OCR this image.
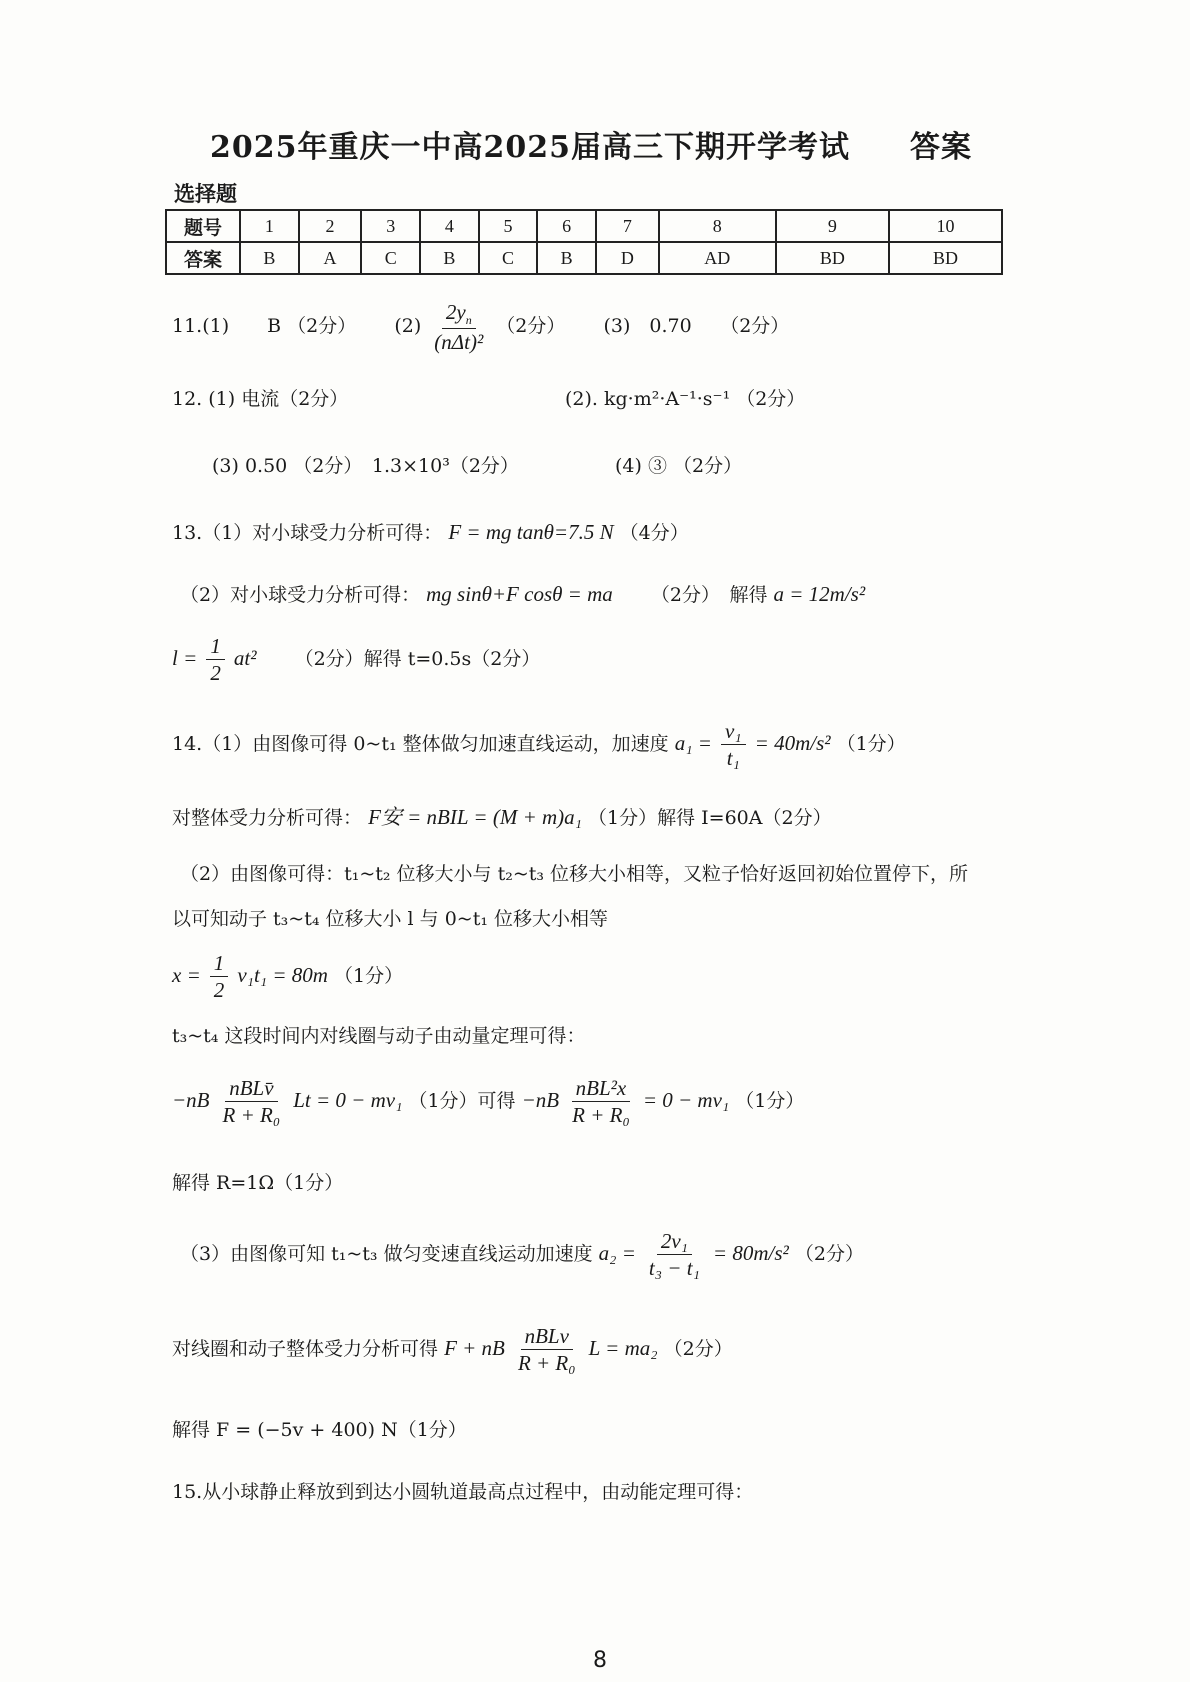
2025年重庆一中高2025届高三下期开学考试 答案
选择题
题号	1	2	3	4	5	6	7	8	9	10
答案	B	A	C	B	C	B	D	AD	BD	BD
11.(1)　　B （2分） $(2) \frac{2y_n}{\text{(nΔt)²}} (2$分） (3)　0.70　　（2分）
12. (1) 电流（2分）	(2). kg·m²·A⁻¹·s⁻¹ （2分）
(3) 0.50 （2分）　1.3×10³（2分）	(4) ③ （2分）
13.（1）对小球受力分析可得： F = mg tanθ=7.5 N （4分）
（2）对小球受力分析可得： mg sinθ+F cosθ = ma （2分）　解得 a = 12m/s²
$l = \frac{1}{2} at^2$ （2分）解得 t=0.5s（2分）
14.（1）由图像可得 0~t₁ 整体做匀加速直线运动，加速度 $a_1 = \frac{\text{v₁}}{\text{t₁}} = 40m/s^2$ （1分）
对整体受力分析可得： F安 = nBIL = (M + m)a₁ （1分）解得 I=60A（2分）
（2）由图像可得：t₁~t₂ 位移大小与 t₂~t₃ 位移大小相等，又粒子恰好返回初始位置停下，所
以可知动子 t₃~t₄ 位移大小 l 与 0~t₁ 位移大小相等
$x = \frac{1}{2} v_1t_1 = 80m$ （1分）
t₃~t₄ 这段时间内对线圈与动子由动量定理可得：
$-nB \frac{\text{nBLv̄}}{\text{R + R₀}}$ Lt = 0 − mv₁ （1分）可得 $-nB \frac{\text{nBL²x}}{\text{R + R₀}} = 0 - mv_1$ （1分）
解得 R=1Ω（1分）
（3）由图像可知 t₁~t₃ 做匀变速直线运动加速度 $a_2 = \frac{\text{2v₁}}{\text{t₃ − t₁}} = 80m/s^2$ （2分）
对线圈和动子整体受力分析可得 F + nB $\frac{\text{nBLv}}{\text{R + R₀}}$ L = ma₂ （2分）
解得 F = (−5v + 400) N（1分）
15.从小球静止释放到到达小圆轨道最高点过程中，由动能定理可得：
8
